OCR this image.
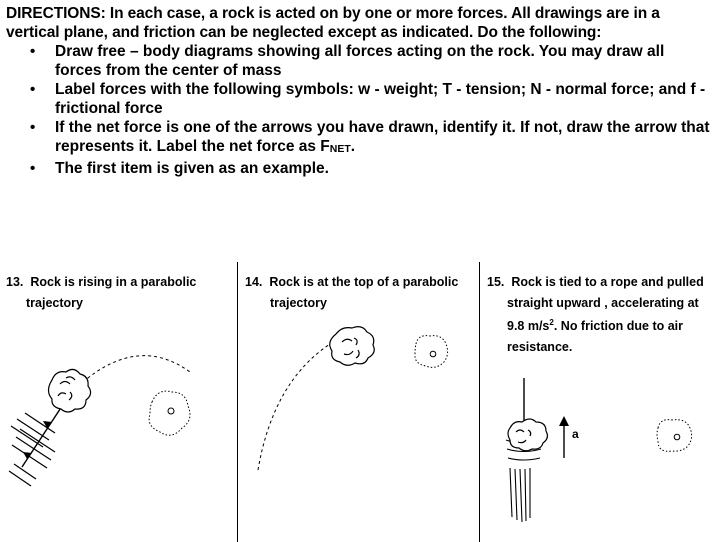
DIRECTIONS: In each case, a rock is acted on by one or more forces. All drawings are in a vertical plane, and friction can be neglected except as indicated. Do the following:

• Draw free – body diagrams showing all forces acting on the rock. You may draw all forces from the center of mass
• Label forces with the following symbols: w - weight; T - tension; N - normal force; and f - frictional force
• If the net force is one of the arrows you have drawn, identify it. If not, draw the arrow that represents it. Label the net force as FNET.
• The first item is given as an example.
13. Rock is rising in a parabolic
trajectory
14. Rock is at the top of a parabolic
trajectory
15. Rock is tied to a rope and pulled
straight upward , accelerating at
9.8 $m/s^2$. No friction due to air
resistance.
a
